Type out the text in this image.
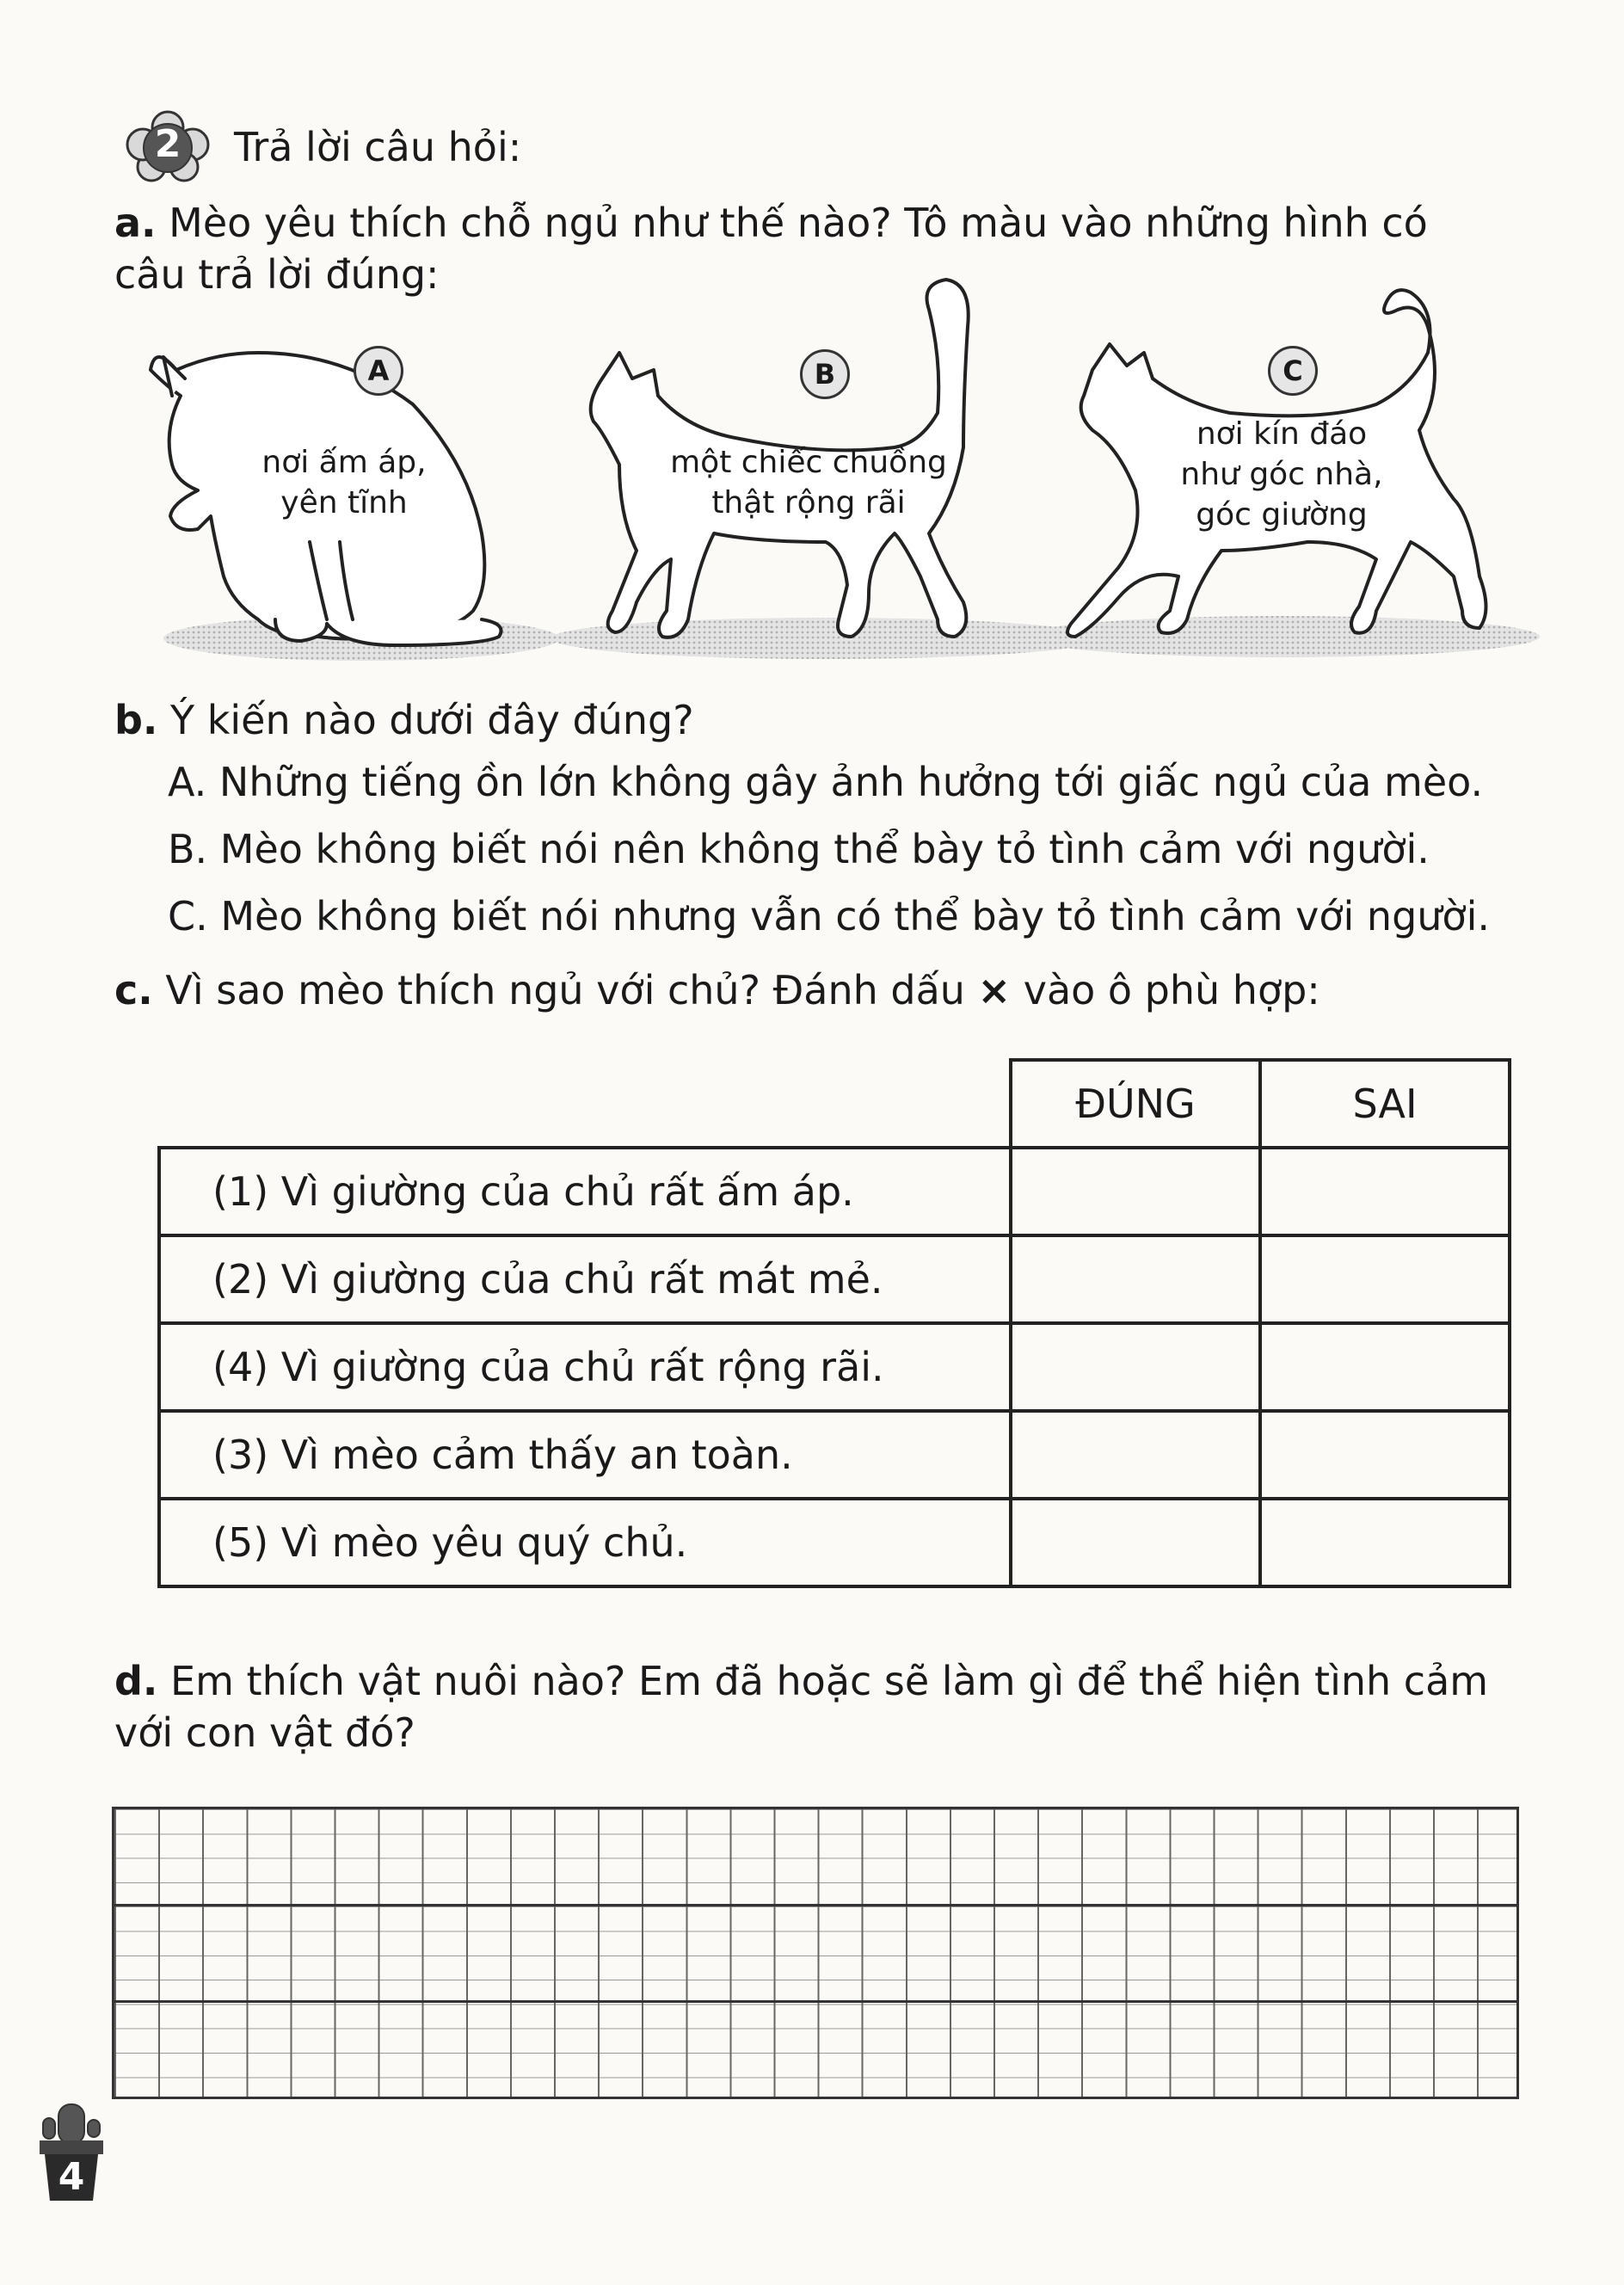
2	Trả lời câu hỏi:
a. Mèo yêu thích chỗ ngủ như thế nào? Tô màu vào những hình có
câu trả lời đúng:
A
nơi ấm áp,
yên tĩnh
B
một chiếc chuồng
thật rộng rãi
C
nơi kín đáo
như góc nhà,
góc giường
b. Ý kiến nào dưới đây đúng?
A. Những tiếng ồn lớn không gây ảnh hưởng tới giấc ngủ của mèo.
B. Mèo không biết nói nên không thể bày tỏ tình cảm với người.
C. Mèo không biết nói nhưng vẫn có thể bày tỏ tình cảm với người.
c. Vì sao mèo thích ngủ với chủ? Đánh dấu × vào ô phù hợp:
	ĐÚNG	SAI
(1) Vì giường của chủ rất ấm áp.		
(2) Vì giường của chủ rất mát mẻ.		
(4) Vì giường của chủ rất rộng rãi.		
(3) Vì mèo cảm thấy an toàn.		
(5) Vì mèo yêu quý chủ.		
d. Em thích vật nuôi nào? Em đã hoặc sẽ làm gì để thể hiện tình cảm
với con vật đó?
4
